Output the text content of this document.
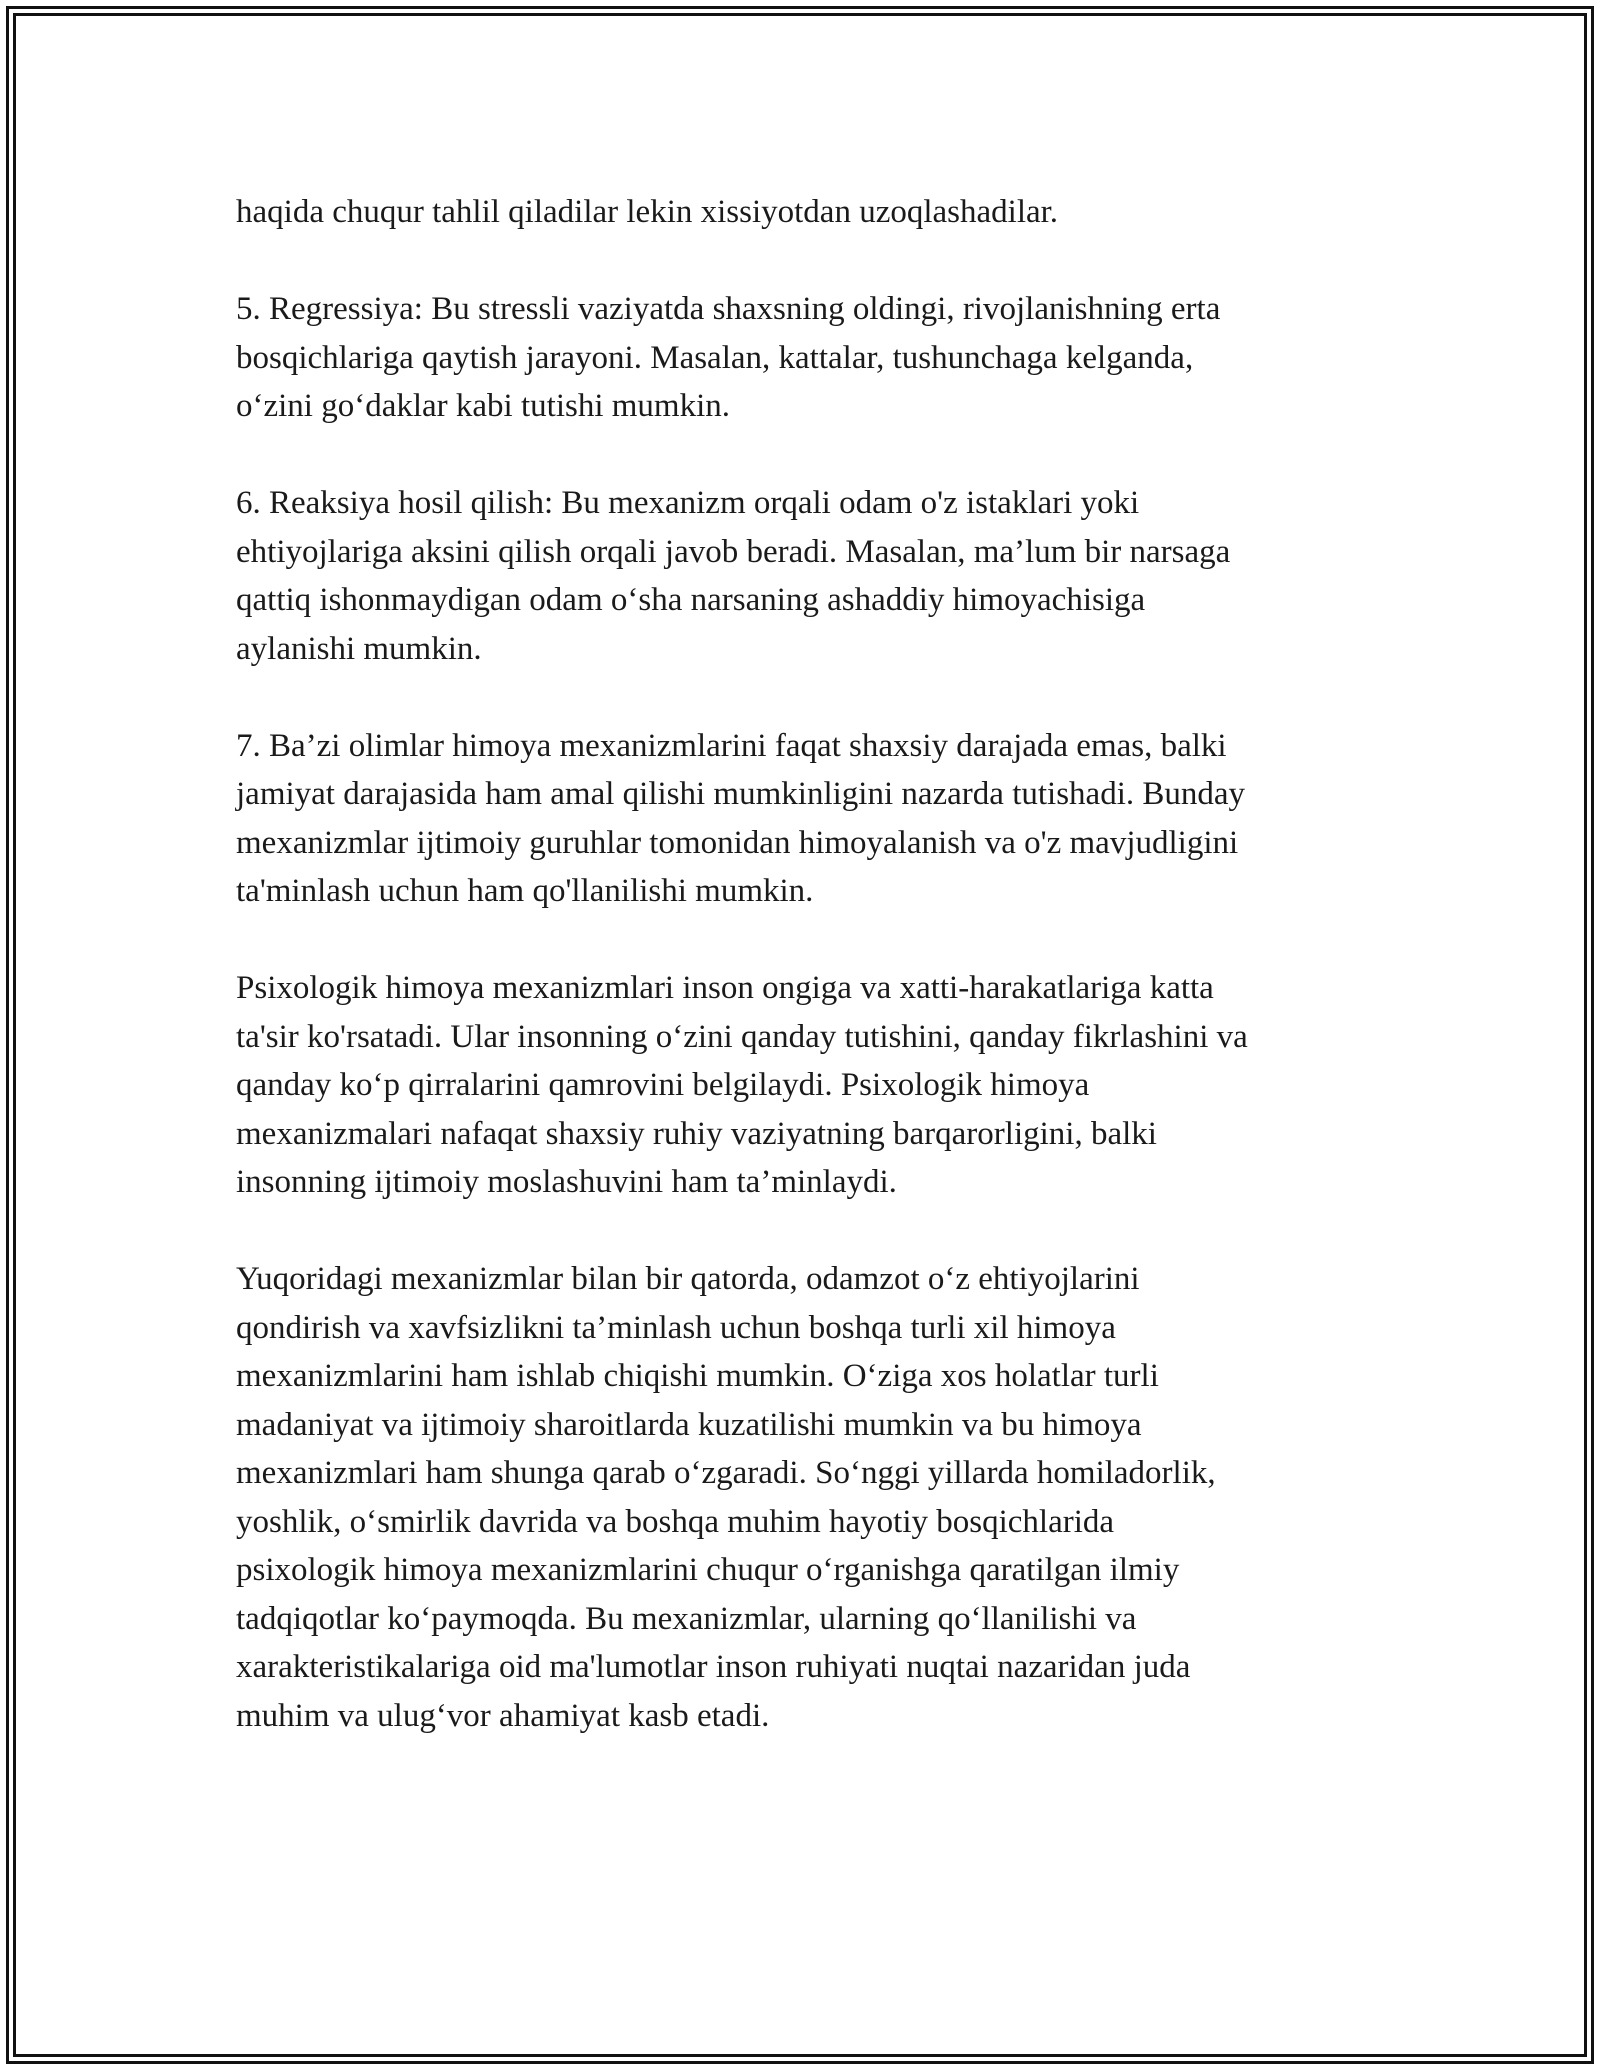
haqida chuqur tahlil qiladilar lekin xissiyotdan uzoqlashadilar.

5. Regressiya: Bu stressli vaziyatda shaxsning oldingi, rivojlanishning erta
bosqichlariga qaytish jarayoni. Masalan, kattalar, tushunchaga kelganda,
o‘zini go‘daklar kabi tutishi mumkin.

6. Reaksiya hosil qilish: Bu mexanizm orqali odam o'z istaklari yoki
ehtiyojlariga aksini qilish orqali javob beradi. Masalan, ma’lum bir narsaga
qattiq ishonmaydigan odam o‘sha narsaning ashaddiy himoyachisiga
aylanishi mumkin.

7. Ba’zi olimlar himoya mexanizmlarini faqat shaxsiy darajada emas, balki
jamiyat darajasida ham amal qilishi mumkinligini nazarda tutishadi. Bunday
mexanizmlar ijtimoiy guruhlar tomonidan himoyalanish va o'z mavjudligini
ta'minlash uchun ham qo'llanilishi mumkin.

Psixologik himoya mexanizmlari inson ongiga va xatti-harakatlariga katta
ta'sir ko'rsatadi. Ular insonning o‘zini qanday tutishini, qanday fikrlashini va
qanday ko‘p qirralarini qamrovini belgilaydi. Psixologik himoya
mexanizmalari nafaqat shaxsiy ruhiy vaziyatning barqarorligini, balki
insonning ijtimoiy moslashuvini ham ta’minlaydi.

Yuqoridagi mexanizmlar bilan bir qatorda, odamzot o‘z ehtiyojlarini
qondirish va xavfsizlikni ta’minlash uchun boshqa turli xil himoya
mexanizmlarini ham ishlab chiqishi mumkin. O‘ziga xos holatlar turli
madaniyat va ijtimoiy sharoitlarda kuzatilishi mumkin va bu himoya
mexanizmlari ham shunga qarab o‘zgaradi. So‘nggi yillarda homiladorlik,
yoshlik, o‘smirlik davrida va boshqa muhim hayotiy bosqichlarida
psixologik himoya mexanizmlarini chuqur o‘rganishga qaratilgan ilmiy
tadqiqotlar ko‘paymoqda. Bu mexanizmlar, ularning qo‘llanilishi va
xarakteristikalariga oid ma'lumotlar inson ruhiyati nuqtai nazaridan juda
muhim va ulug‘vor ahamiyat kasb etadi.
